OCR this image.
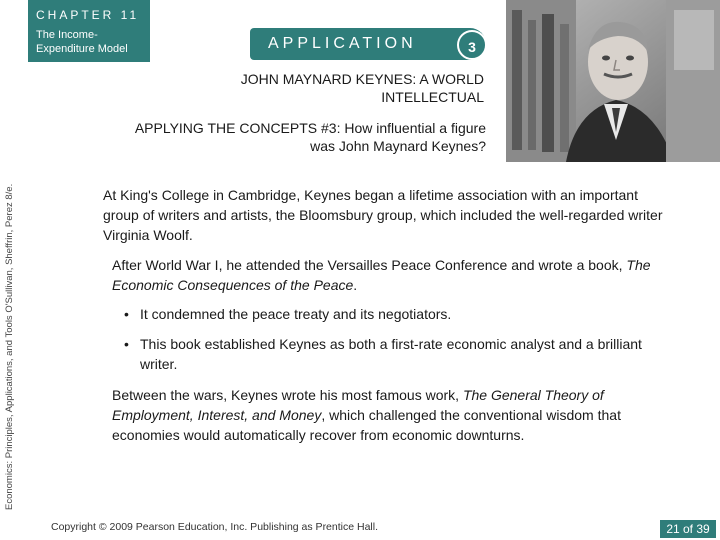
CHAPTER 11
The Income-Expenditure Model	APPLICATION	3
Economics: Principles, Applications, and Tools O'Sullivan, Sheffrin, Perez 8/e.
JOHN MAYNARD KEYNES: A WORLD INTELLECTUAL
APPLYING THE CONCEPTS #3: How influential a figure was John Maynard Keynes?
At King's College in Cambridge, Keynes began a lifetime association with an important group of writers and artists, the Bloomsbury group, which included the well-regarded writer Virginia Woolf.
After World War I, he attended the Versailles Peace Conference and wrote a book, The Economic Consequences of the Peace.
• It condemned the peace treaty and its negotiators.
• This book established Keynes as both a first-rate economic analyst and a brilliant writer.
Between the wars, Keynes wrote his most famous work, The General Theory of Employment, Interest, and Money, which challenged the conventional wisdom that economies would automatically recover from economic downturns.
Copyright © 2009 Pearson Education, Inc. Publishing as Prentice Hall.	21 of 39
